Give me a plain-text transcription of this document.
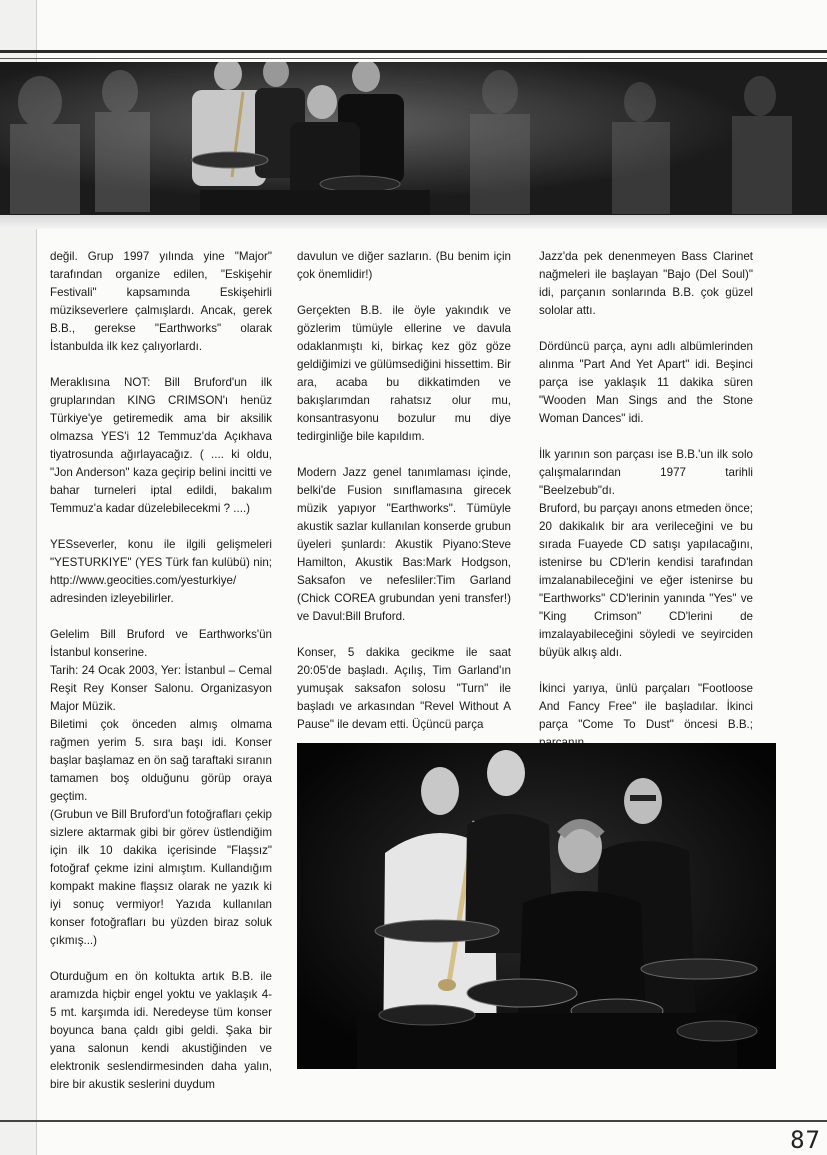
değil. Grup 1997 yılında yine "Major" tarafından organize edilen, "Eskişehir Festivali" kapsamında Eskişehirli müzikseverlere çalmışlardı. Ancak, gerek B.B., gerekse "Earthworks" olarak İstanbulda ilk kez çalıyorlardı.

Meraklısına NOT: Bill Bruford'un ilk gruplarından KING CRIMSON'ı henüz Türkiye'ye getiremedik ama bir aksilik olmazsa YES'i 12 Temmuz'da Açıkhava tiyatrosunda ağırlayacağız. ( .... ki oldu, "Jon Anderson" kaza geçirip belini incitti ve bahar turneleri iptal edildi, bakalım Temmuz'a kadar düzelebilecekmi ? ....)

YESseverler, konu ile ilgili gelişmeleri "YESTURKIYE" (YES Türk fan kulübü) nin; http://www.geocities.com/yesturkiye/ adresinden izleyebilirler.

Gelelim Bill Bruford ve Earthworks'ün İstanbul konserine.

Tarih: 24 Ocak 2003, Yer: İstanbul – Cemal Reşit Rey Konser Salonu. Organizasyon Major Müzik.

Biletimi çok önceden almış olmama rağmen yerim 5. sıra başı idi. Konser başlar başlamaz en ön sağ taraftaki sıranın tamamen boş olduğunu görüp oraya geçtim.

(Grubun ve Bill Bruford'un fotoğrafları çekip sizlere aktarmak gibi bir görev üstlendiğim için ilk 10 dakika içerisinde "Flaşsız" fotoğraf çekme izini almıştım. Kullandığım kompakt makine flaşsız olarak ne yazık ki iyi sonuç vermiyor! Yazıda kullanılan konser fotoğrafları bu yüzden biraz soluk çıkmış...)

Oturduğum en ön koltukta artık B.B. ile aramızda hiçbir engel yoktu ve yaklaşık 4-5 mt. karşımda idi. Neredeyse tüm konser boyunca bana çaldı gibi geldi. Şaka bir yana salonun kendi akustiğinden ve elektronik seslendirmesinden daha yalın, bire bir akustik seslerini duydum

davulun ve diğer sazların. (Bu benim için çok önemlidir!)

Gerçekten B.B. ile öyle yakındık ve gözlerim tümüyle ellerine ve davula odaklanmıştı ki, birkaç kez göz göze geldiğimizi ve gülümsediğini hissettim. Bir ara, acaba bu dikkatimden ve bakışlarımdan rahatsız olur mu, konsantrasyonu bozulur mu diye tedirginliğe bile kapıldım.

Modern Jazz genel tanımlaması içinde, belki'de Fusion sınıflamasına girecek müzik yapıyor "Earthworks". Tümüyle akustik sazlar kullanılan konserde grubun üyeleri şunlardı: Akustik Piyano:Steve Hamilton, Akustik Bas:Mark Hodgson, Saksafon ve nefesliler:Tim Garland (Chick COREA grubundan yeni transfer!) ve Davul:Bill Bruford.

Konser, 5 dakika gecikme ile saat 20:05'de başladı. Açılış, Tim Garland'ın yumuşak saksafon solosu "Turn" ile başladı ve arkasından "Revel Without A Pause" ile devam etti. Üçüncü parça

Jazz'da pek denenmeyen Bass Clarinet nağmeleri ile başlayan "Bajo (Del Soul)" idi, parçanın sonlarında B.B. çok güzel sololar attı.

Dördüncü parça, aynı adlı albümlerinden alınma "Part And Yet Apart" idi. Beşinci parça ise yaklaşık 11 dakika süren "Wooden Man Sings and the Stone Woman Dances" idi.

İlk yarının son parçası ise B.B.'un ilk solo çalışmalarından 1977 tarihli "Beelzebub"dı.

Bruford, bu parçayı anons etmeden önce; 20 dakikalık bir ara verileceğini ve bu sırada Fuayede CD satışı yapılacağını, istenirse bu CD'lerin kendisi tarafından imzalanabileceğini ve eğer istenirse bu "Earthworks" CD'lerinin yanında "Yes" ve "King Crimson" CD'lerini de imzalayabileceğini söyledi ve seyirciden büyük alkış aldı.

İkinci yarıya, ünlü parçaları "Footloose And Fancy Free" ile başladılar. İkinci parça "Come To Dust" öncesi B.B.;

87
